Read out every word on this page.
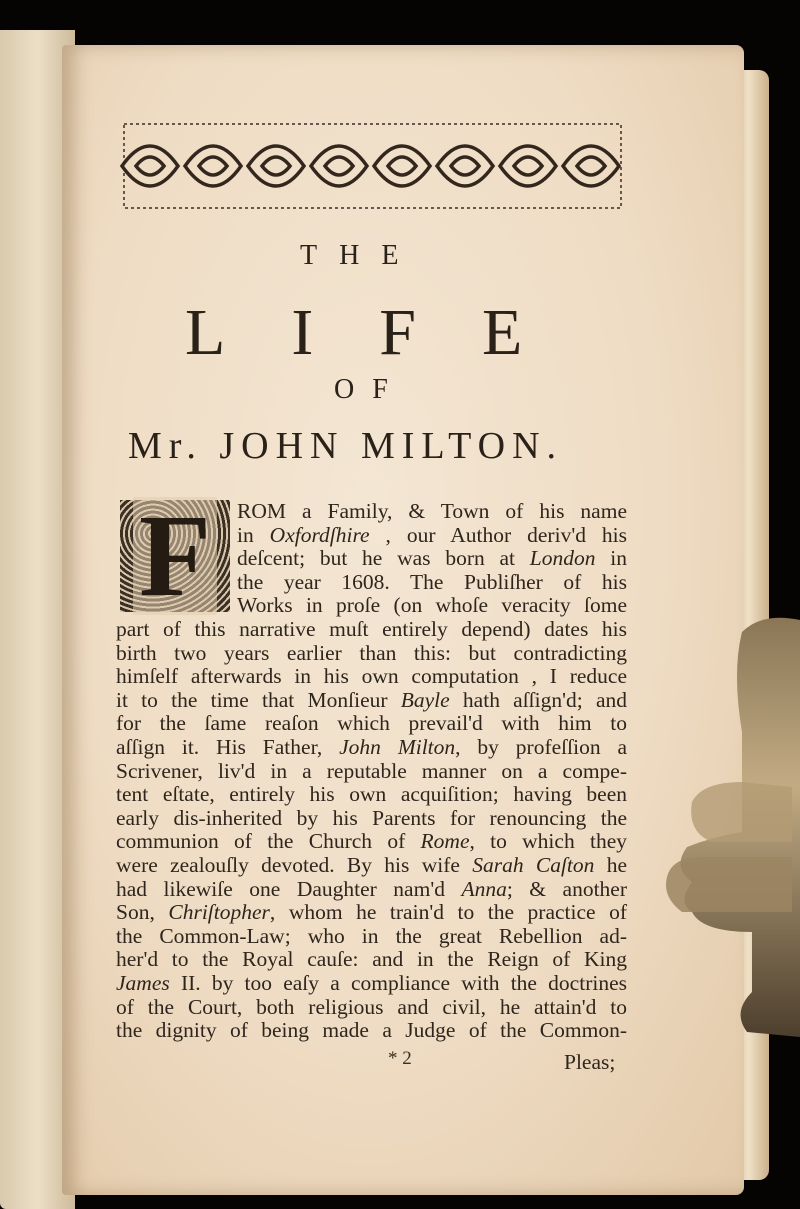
THE
LIFE
OF
Mr. JOHN MILTON.
F ROM a Family, & Town of his name
in Oxfordſhire , our Author deriv'd his
deſcent; but he was born at London in
the year 1608. The Publiſher of his
Works in proſe (on whoſe veracity ſome
part of this narrative muſt entirely depend) dates his
birth two years earlier than this: but contradicting
himſelf afterwards in his own computation , I reduce
it to the time that Monſieur Bayle hath aſſign'd; and
for the ſame reaſon which prevail'd with him to
aſſign it. His Father, John Milton, by profeſſion a
Scrivener, liv'd in a reputable manner on a compe-
tent eſtate, entirely his own acquiſition; having been
early dis-inherited by his Parents for renouncing the
communion of the Church of Rome, to which they
were zealouſly devoted. By his wife Sarah Caſton he
had likewiſe one Daughter nam'd Anna; & another
Son, Chriſtopher, whom he train'd to the practice of
the Common-Law; who in the great Rebellion ad-
her'd to the Royal cauſe: and in the Reign of King
James II. by too eaſy a compliance with the doctrines
of the Court, both religious and civil, he attain'd to
the dignity of being made a Judge of the Common-
* 2	Pleas;
